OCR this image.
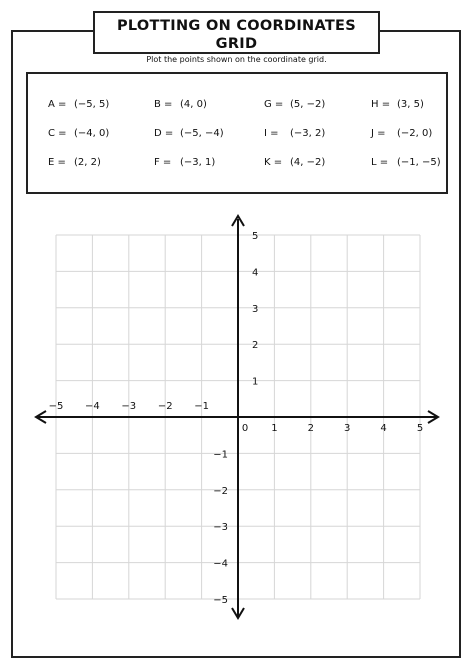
PLOTTING ON COORDINATES GRID
Plot the points shown on the coordinate grid.
A = (−5, 5)	B = (4, 0)	G = (5, −2)	H = (3, 5)
C = (−4, 0)	D = (−5, −4)	I = (−3, 2)	J = (−2, 0)
E = (2, 2)	F = (−3, 1)	K = (4, −2)	L = (−1, −5)
−5 −4 −3 −2 −1
0 1	2	3	4	5
5
4
3
2
1
−1
−2
−3
−4
−5
